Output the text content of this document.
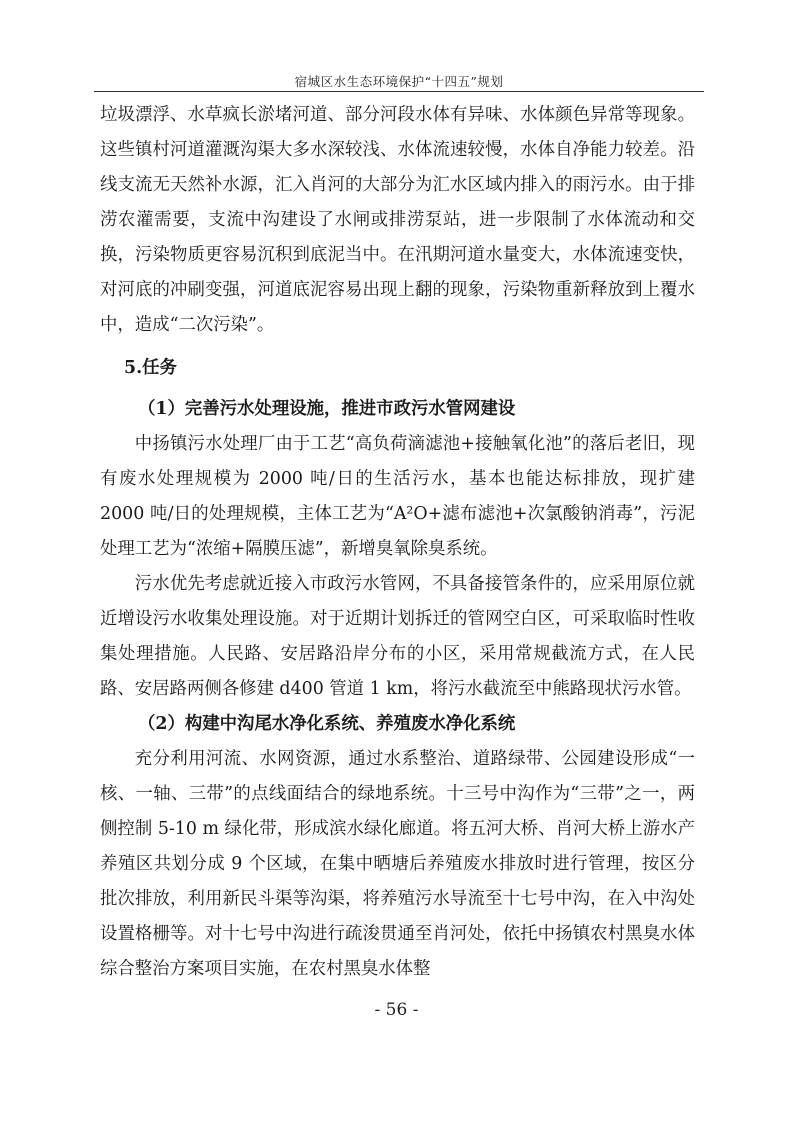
宿城区水生态环境保护“十四五”规划

垃圾漂浮、水草疯长淤堵河道、部分河段水体有异味、水体颜色异常等现象。这些镇村河道灌溉沟渠大多水深较浅、水体流速较慢，水体自净能力较差。沿线支流无天然补水源，汇入肖河的大部分为汇水区域内排入的雨污水。由于排涝农灌需要，支流中沟建设了水闸或排涝泵站，进一步限制了水体流动和交换，污染物质更容易沉积到底泥当中。在汛期河道水量变大，水体流速变快，对河底的冲刷变强，河道底泥容易出现上翻的现象，污染物重新释放到上覆水中，造成“二次污染”。

5.任务

（1）完善污水处理设施，推进市政污水管网建设

中扬镇污水处理厂由于工艺“高负荷滴滤池+接触氧化池”的落后老旧，现有废水处理规模为 2000 吨/日的生活污水，基本也能达标排放，现扩建 2000 吨/日的处理规模，主体工艺为“A²O+滤布滤池+次氯酸钠消毒”，污泥处理工艺为“浓缩+隔膜压滤”，新增臭氧除臭系统。

污水优先考虑就近接入市政污水管网，不具备接管条件的，应采用原位就近增设污水收集处理设施。对于近期计划拆迁的管网空白区，可采取临时性收集处理措施。人民路、安居路沿岸分布的小区，采用常规截流方式，在人民路、安居路两侧各修建 d400 管道 1 km，将污水截流至中熊路现状污水管。

（2）构建中沟尾水净化系统、养殖废水净化系统

充分利用河流、水网资源，通过水系整治、道路绿带、公园建设形成“一核、一轴、三带”的点线面结合的绿地系统。十三号中沟作为“三带”之一，两侧控制 5-10 m 绿化带，形成滨水绿化廊道。将五河大桥、肖河大桥上游水产养殖区共划分成 9 个区域，在集中晒塘后养殖废水排放时进行管理，按区分批次排放，利用新民斗渠等沟渠，将养殖污水导流至十七号中沟，在入中沟处设置格栅等。对十七号中沟进行疏浚贯通至肖河处，依托中扬镇农村黑臭水体综合整治方案项目实施，在农村黑臭水体整

- 56 -
